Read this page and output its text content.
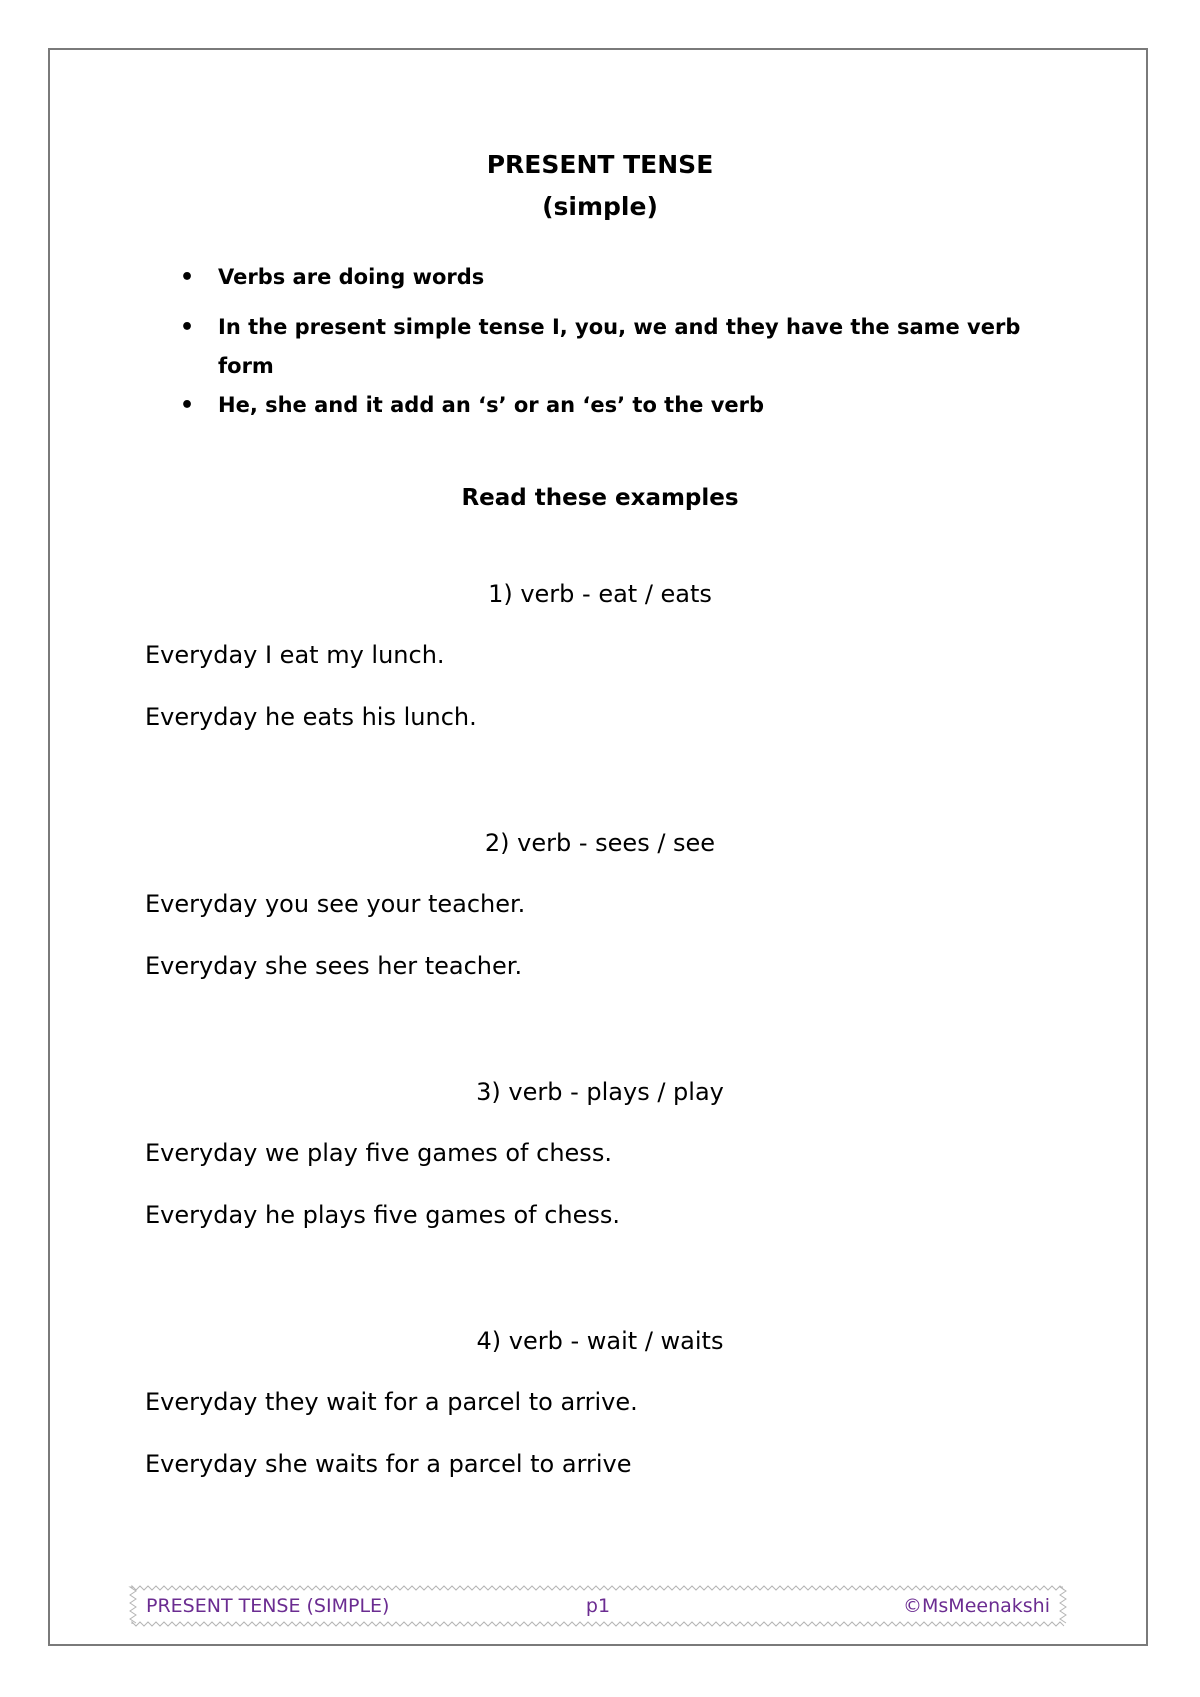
PRESENT TENSE
(simple)
• Verbs are doing words
• In the present simple tense I, you, we and they have the same verb form
• He, she and it add an ‘s’ or an ‘es’ to the verb
Read these examples
1) verb - eat / eats
Everyday I eat my lunch.
Everyday he eats his lunch.
2) verb - sees / see
Everyday you see your teacher.
Everyday she sees her teacher.
3) verb - plays / play
Everyday we play five games of chess.
Everyday he plays five games of chess.
4) verb - wait / waits
Everyday they wait for a parcel to arrive.
Everyday she waits for a parcel to arrive
PRESENT TENSE (SIMPLE)	p1	©MsMeenakshi
